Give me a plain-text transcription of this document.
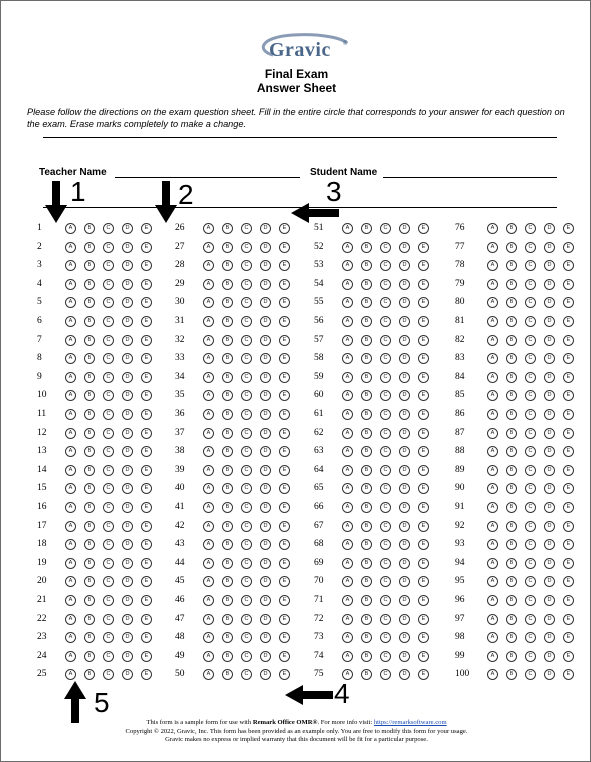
Gravic ®
Final Exam
Answer Sheet
Please follow the directions on the exam question sheet. Fill in the entire circle that corresponds to your answer for each question on the exam. Erase marks completely to make a change.
Teacher Name	Student Name
1	A	B	C	D	E
2	A	B	C	D	E
3	A	B	C	D	E
4	A	B	C	D	E
5	A	B	C	D	E
6	A	B	C	D	E
7	A	B	C	D	E
8	A	B	C	D	E
9	A	B	C	D	E
10	A	B	C	D	E
11	A	B	C	D	E
12	A	B	C	D	E
13	A	B	C	D	E
14	A	B	C	D	E
15	A	B	C	D	E
16	A	B	C	D	E
17	A	B	C	D	E
18	A	B	C	D	E
19	A	B	C	D	E
20	A	B	C	D	E
21	A	B	C	D	E
22	A	B	C	D	E
23	A	B	C	D	E
24	A	B	C	D	E
25	A	B	C	D	E
26	A	B	C	D	E
27	A	B	C	D	E
28	A	B	C	D	E
29	A	B	C	D	E
30	A	B	C	D	E
31	A	B	C	D	E
32	A	B	C	D	E
33	A	B	C	D	E
34	A	B	C	D	E
35	A	B	C	D	E
36	A	B	C	D	E
37	A	B	C	D	E
38	A	B	C	D	E
39	A	B	C	D	E
40	A	B	C	D	E
41	A	B	C	D	E
42	A	B	C	D	E
43	A	B	C	D	E
44	A	B	C	D	E
45	A	B	C	D	E
46	A	B	C	D	E
47	A	B	C	D	E
48	A	B	C	D	E
49	A	B	C	D	E
50	A	B	C	D	E
51	A	B	C	D	E
52	A	B	C	D	E
53	A	B	C	D	E
54	A	B	C	D	E
55	A	B	C	D	E
56	A	B	C	D	E
57	A	B	C	D	E
58	A	B	C	D	E
59	A	B	C	D	E
60	A	B	C	D	E
61	A	B	C	D	E
62	A	B	C	D	E
63	A	B	C	D	E
64	A	B	C	D	E
65	A	B	C	D	E
66	A	B	C	D	E
67	A	B	C	D	E
68	A	B	C	D	E
69	A	B	C	D	E
70	A	B	C	D	E
71	A	B	C	D	E
72	A	B	C	D	E
73	A	B	C	D	E
74	A	B	C	D	E
75	A	B	C	D	E
76	A	B	C	D	E
77	A	B	C	D	E
78	A	B	C	D	E
79	A	B	C	D	E
80	A	B	C	D	E
81	A	B	C	D	E
82	A	B	C	D	E
83	A	B	C	D	E
84	A	B	C	D	E
85	A	B	C	D	E
86	A	B	C	D	E
87	A	B	C	D	E
88	A	B	C	D	E
89	A	B	C	D	E
90	A	B	C	D	E
91	A	B	C	D	E
92	A	B	C	D	E
93	A	B	C	D	E
94	A	B	C	D	E
95	A	B	C	D	E
96	A	B	C	D	E
97	A	B	C	D	E
98	A	B	C	D	E
99	A	B	C	D	E
100	A	B	C	D	E
1	2	3
4
5
This form is a sample form for use with Remark Office OMR®. For more info visit: https://remarksoftware.com
Copyright © 2022, Gravic, Inc. This form has been provided as an example only. You are free to modify this form for your usage.
Gravic makes no express or implied warranty that this document will be fit for a particular purpose.
